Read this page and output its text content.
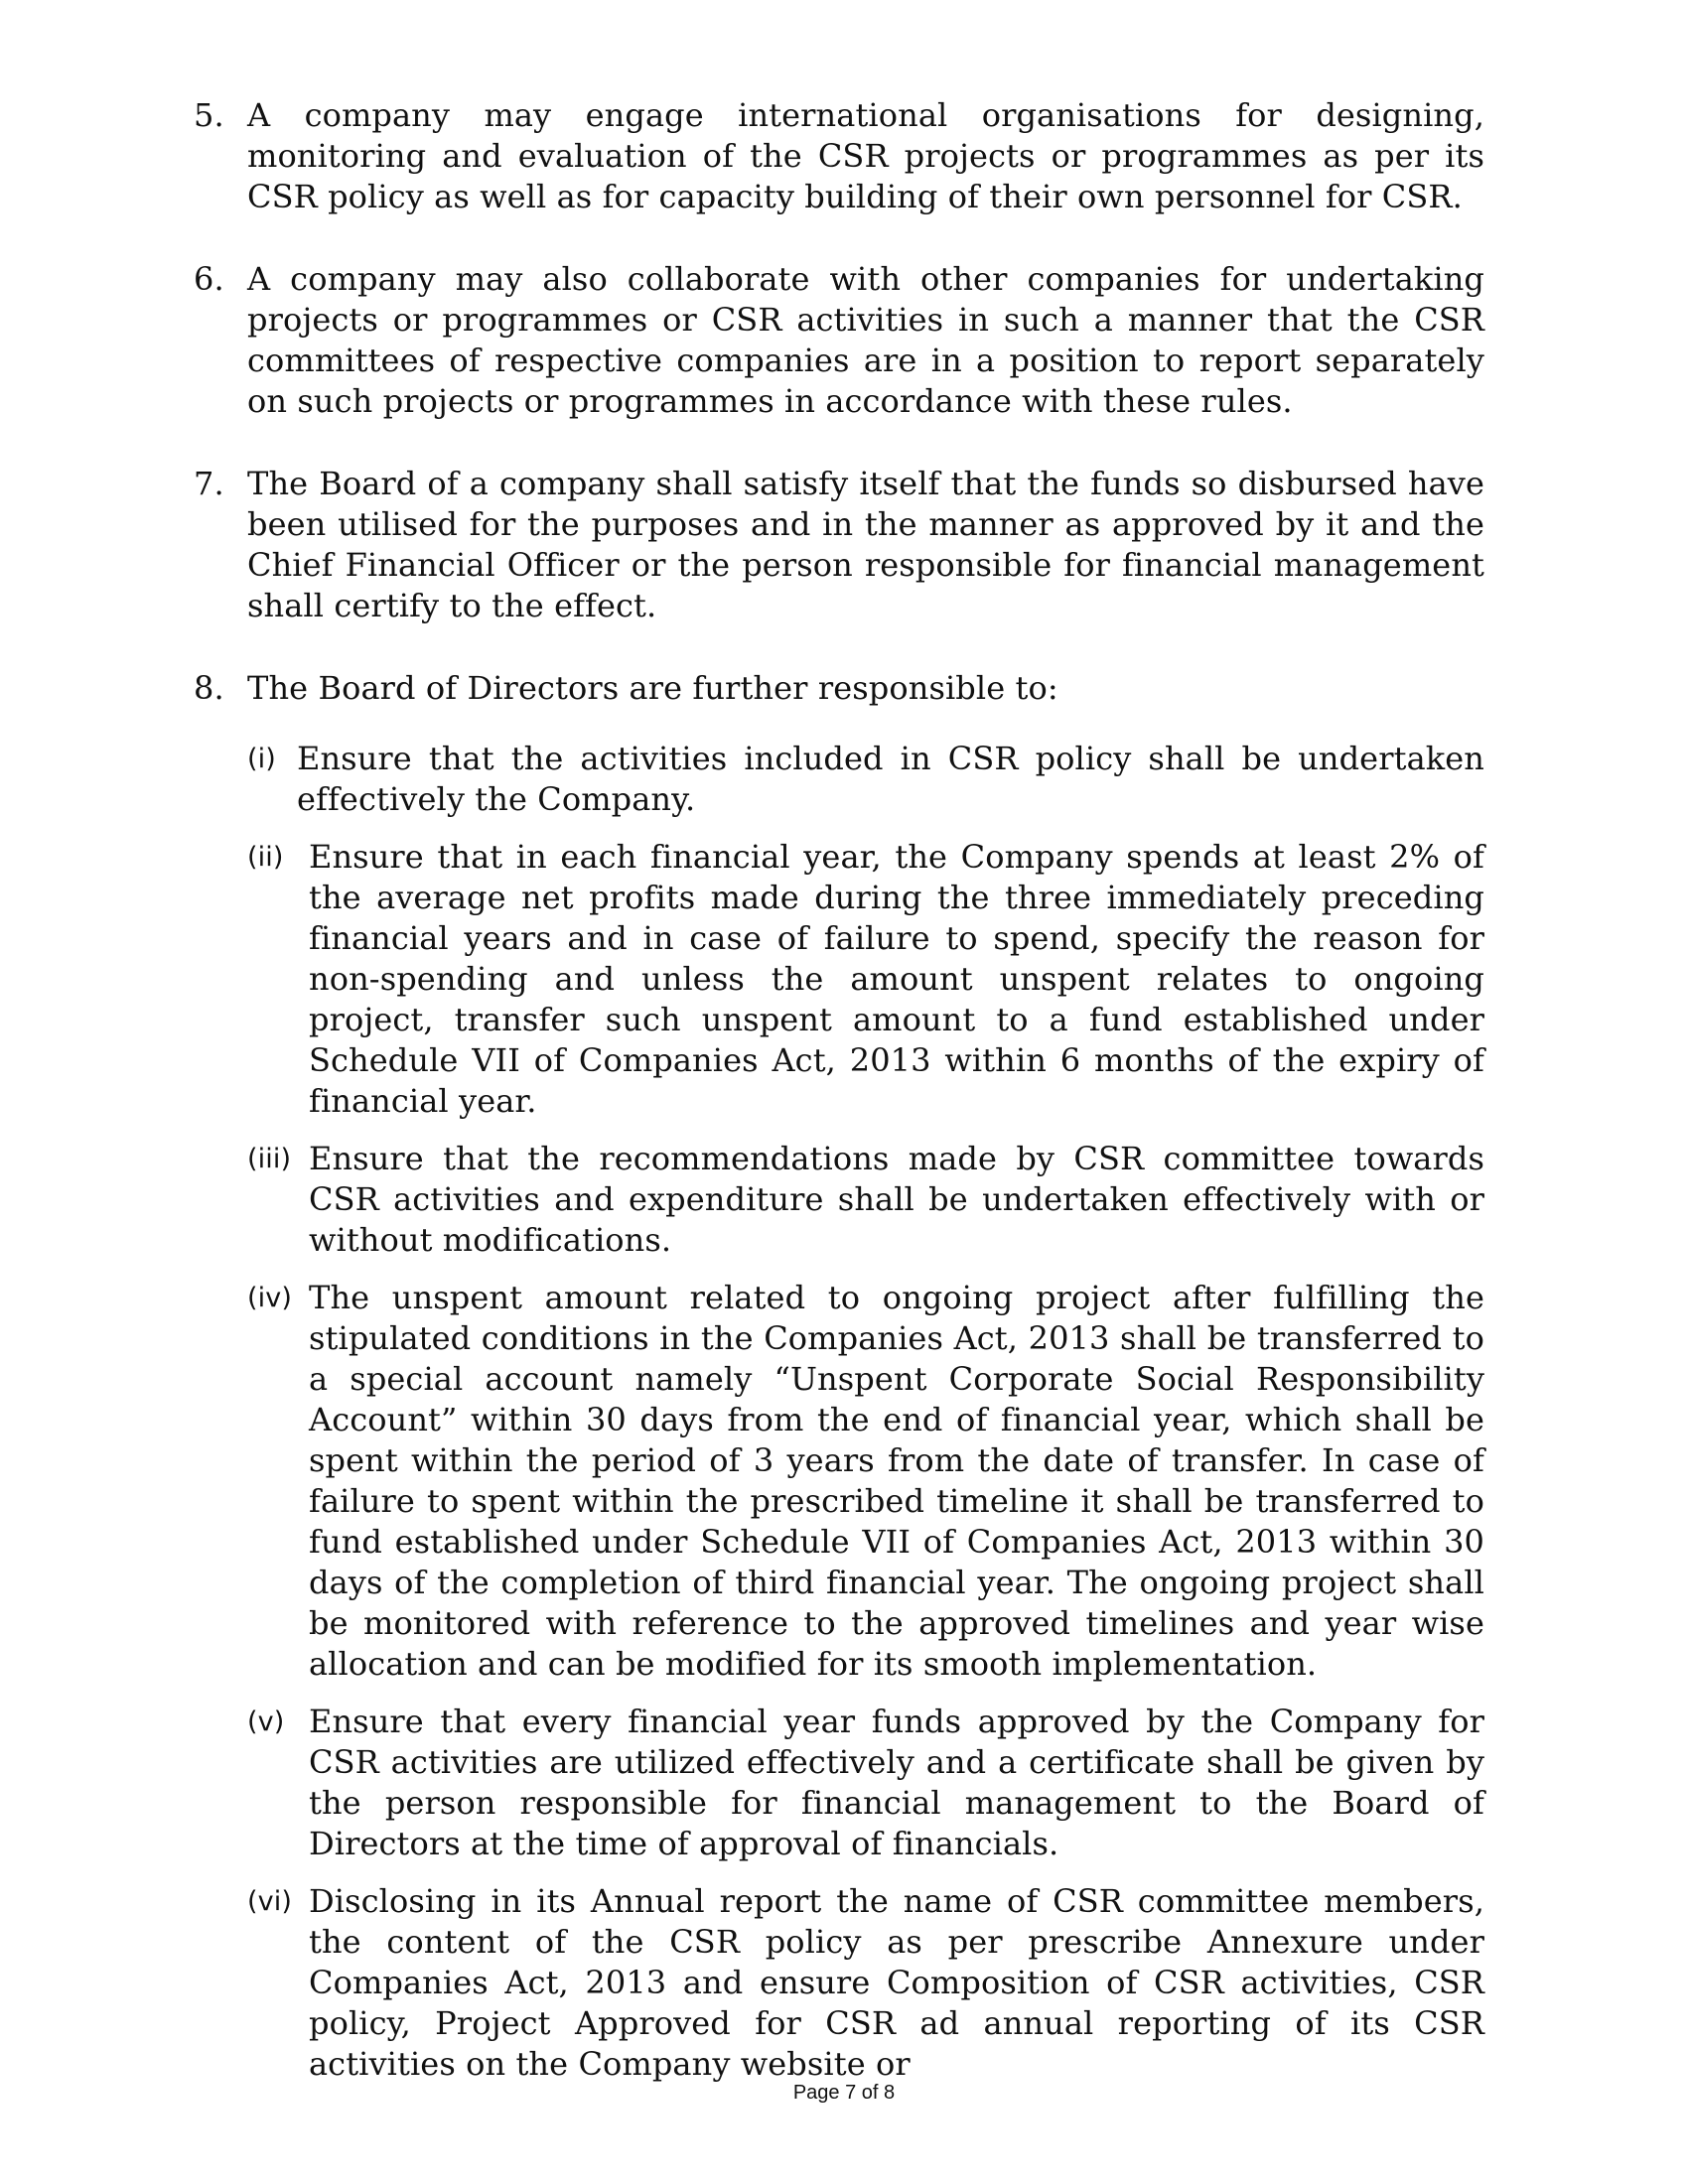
5. A company may engage international organisations for designing, monitoring and evaluation of the CSR projects or programmes as per its CSR policy as well as for capacity building of their own personnel for CSR.
6. A company may also collaborate with other companies for undertaking projects or programmes or CSR activities in such a manner that the CSR committees of respective companies are in a position to report separately on such projects or programmes in accordance with these rules.
7. The Board of a company shall satisfy itself that the funds so disbursed have been utilised for the purposes and in the manner as approved by it and the Chief Financial Officer or the person responsible for financial management shall certify to the effect.
8. The Board of Directors are further responsible to:
(i) Ensure that the activities included in CSR policy shall be undertaken effectively the Company.
(ii) Ensure that in each financial year, the Company spends at least 2% of the average net profits made during the three immediately preceding financial years and in case of failure to spend, specify the reason for non-spending and unless the amount unspent relates to ongoing project, transfer such unspent amount to a fund established under Schedule VII of Companies Act, 2013 within 6 months of the expiry of financial year.
(iii) Ensure that the recommendations made by CSR committee towards CSR activities and expenditure shall be undertaken effectively with or without modifications.
(iv) The unspent amount related to ongoing project after fulfilling the stipulated conditions in the Companies Act, 2013 shall be transferred to a special account namely “Unspent Corporate Social Responsibility Account” within 30 days from the end of financial year, which shall be spent within the period of 3 years from the date of transfer. In case of failure to spent within the prescribed timeline it shall be transferred to fund established under Schedule VII of Companies Act, 2013 within 30 days of the completion of third financial year. The ongoing project shall be monitored with reference to the approved timelines and year wise allocation and can be modified for its smooth implementation.
(v) Ensure that every financial year funds approved by the Company for CSR activities are utilized effectively and a certificate shall be given by the person responsible for financial management to the Board of Directors at the time of approval of financials.
(vi) Disclosing in its Annual report the name of CSR committee members, the content of the CSR policy as per prescribe Annexure under Companies Act, 2013 and ensure Composition of CSR activities, CSR policy, Project Approved for CSR ad annual reporting of its CSR activities on the Company website or
Page 7 of 8
